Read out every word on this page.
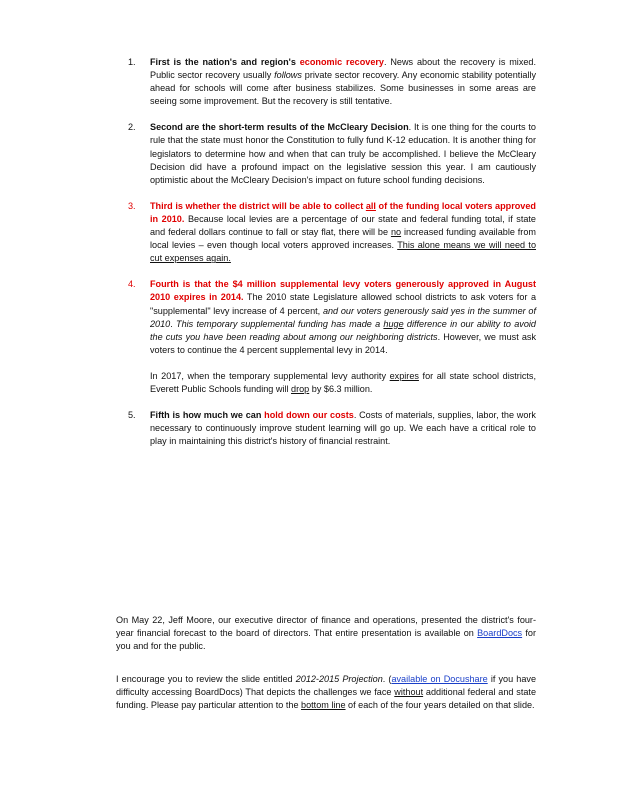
1. First is the nation's and region's economic recovery. News about the recovery is mixed. Public sector recovery usually follows private sector recovery. Any economic stability potentially ahead for schools will come after business stabilizes. Some businesses in some areas are seeing some improvement. But the recovery is still tentative.
2. Second are the short-term results of the McCleary Decision. It is one thing for the courts to rule that the state must honor the Constitution to fully fund K-12 education. It is another thing for legislators to determine how and when that can truly be accomplished. I believe the McCleary Decision did have a profound impact on the legislative session this year. I am cautiously optimistic about the McCleary Decision's impact on future school funding decisions.
3. Third is whether the district will be able to collect all of the funding local voters approved in 2010. Because local levies are a percentage of our state and federal funding total, if state and federal dollars continue to fall or stay flat, there will be no increased funding available from local levies – even though local voters approved increases. This alone means we will need to cut expenses again.
4. Fourth is that the $4 million supplemental levy voters generously approved in August 2010 expires in 2014. The 2010 state Legislature allowed school districts to ask voters for a "supplemental" levy increase of 4 percent, and our voters generously said yes in the summer of 2010. This temporary supplemental funding has made a huge difference in our ability to avoid the cuts you have been reading about among our neighboring districts. However, we must ask voters to continue the 4 percent supplemental levy in 2014.

In 2017, when the temporary supplemental levy authority expires for all state school districts, Everett Public Schools funding will drop by $6.3 million.

5. Fifth is how much we can hold down our costs. Costs of materials, supplies, labor, the work necessary to continuously improve student learning will go up. We each have a critical role to play in maintaining this district's history of financial restraint.
On May 22, Jeff Moore, our executive director of finance and operations, presented the district's four-year financial forecast to the board of directors. That entire presentation is available on BoardDocs for you and for the public.
I encourage you to review the slide entitled 2012-2015 Projection. (available on Docushare if you have difficulty accessing BoardDocs) That depicts the challenges we face without additional federal and state funding. Please pay particular attention to the bottom line of each of the four years detailed on that slide.
